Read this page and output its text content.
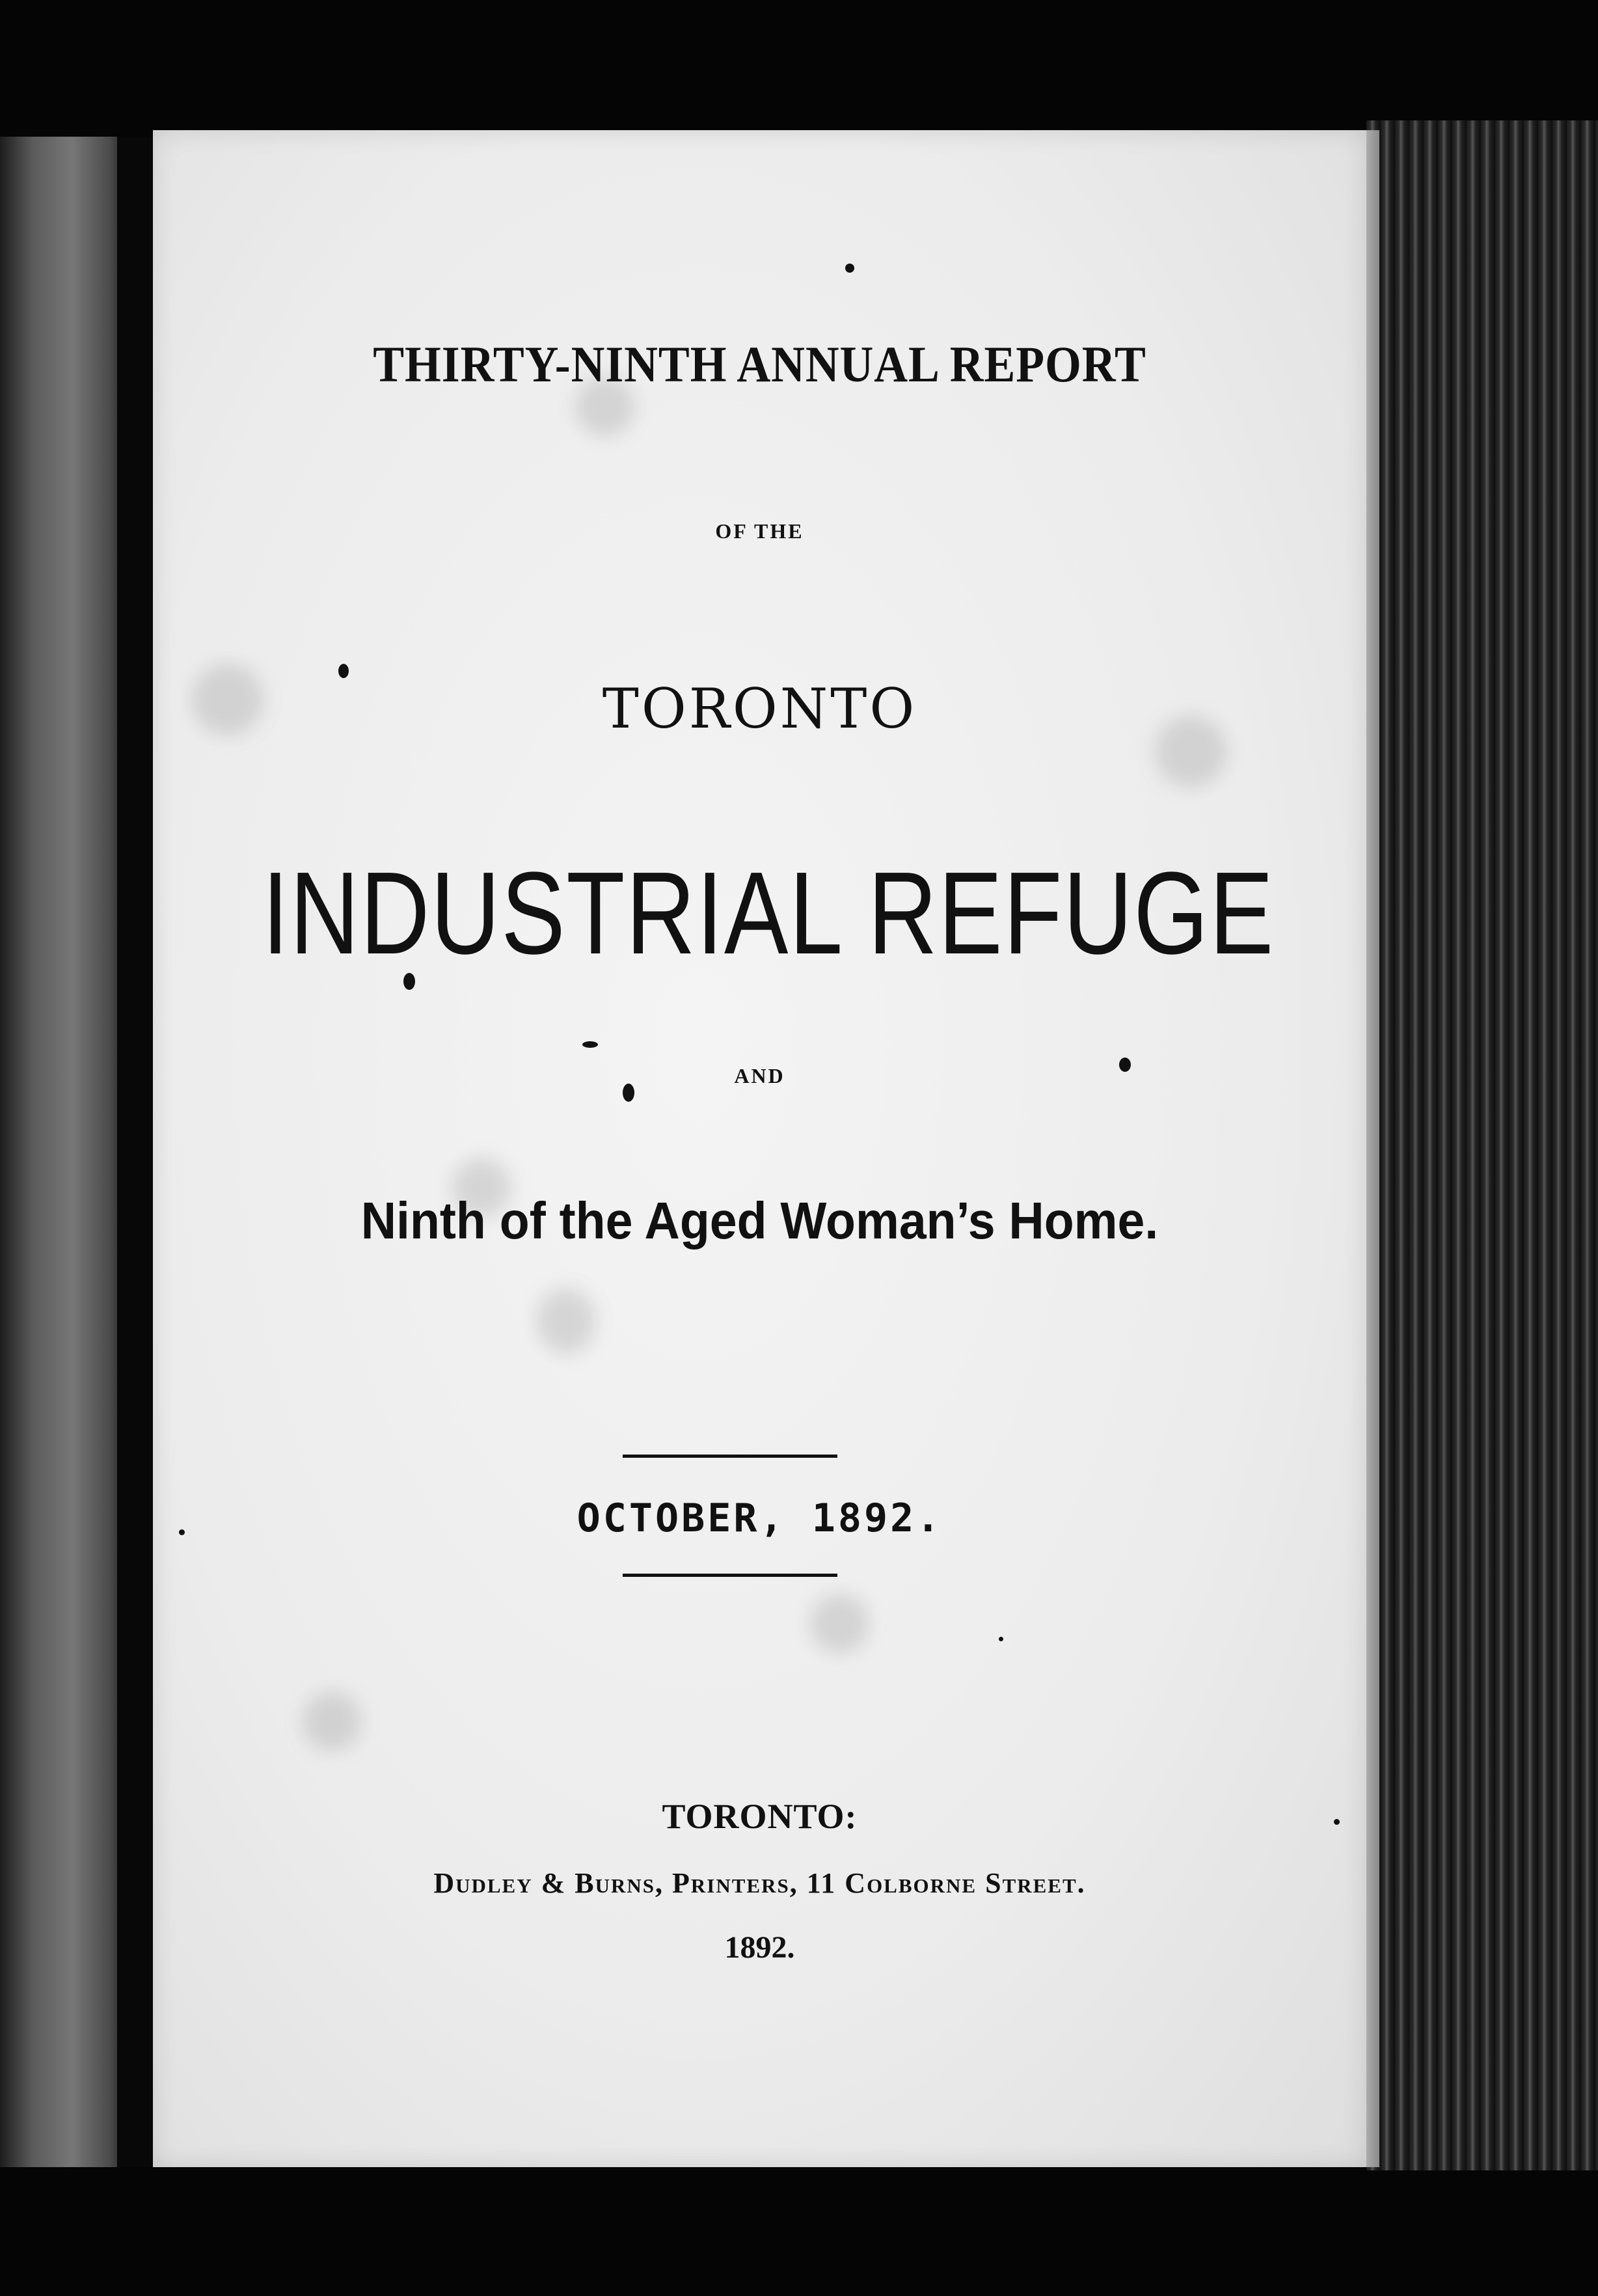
THIRTY-NINTH ANNUAL REPORT
OF THE
TORONTO
INDUSTRIAL REFUGE
AND
Ninth of the Aged Woman’s Home.
OCTOBER, 1892.
TORONTO:
Dudley & Burns, Printers, 11 Colborne Street.
1892.
